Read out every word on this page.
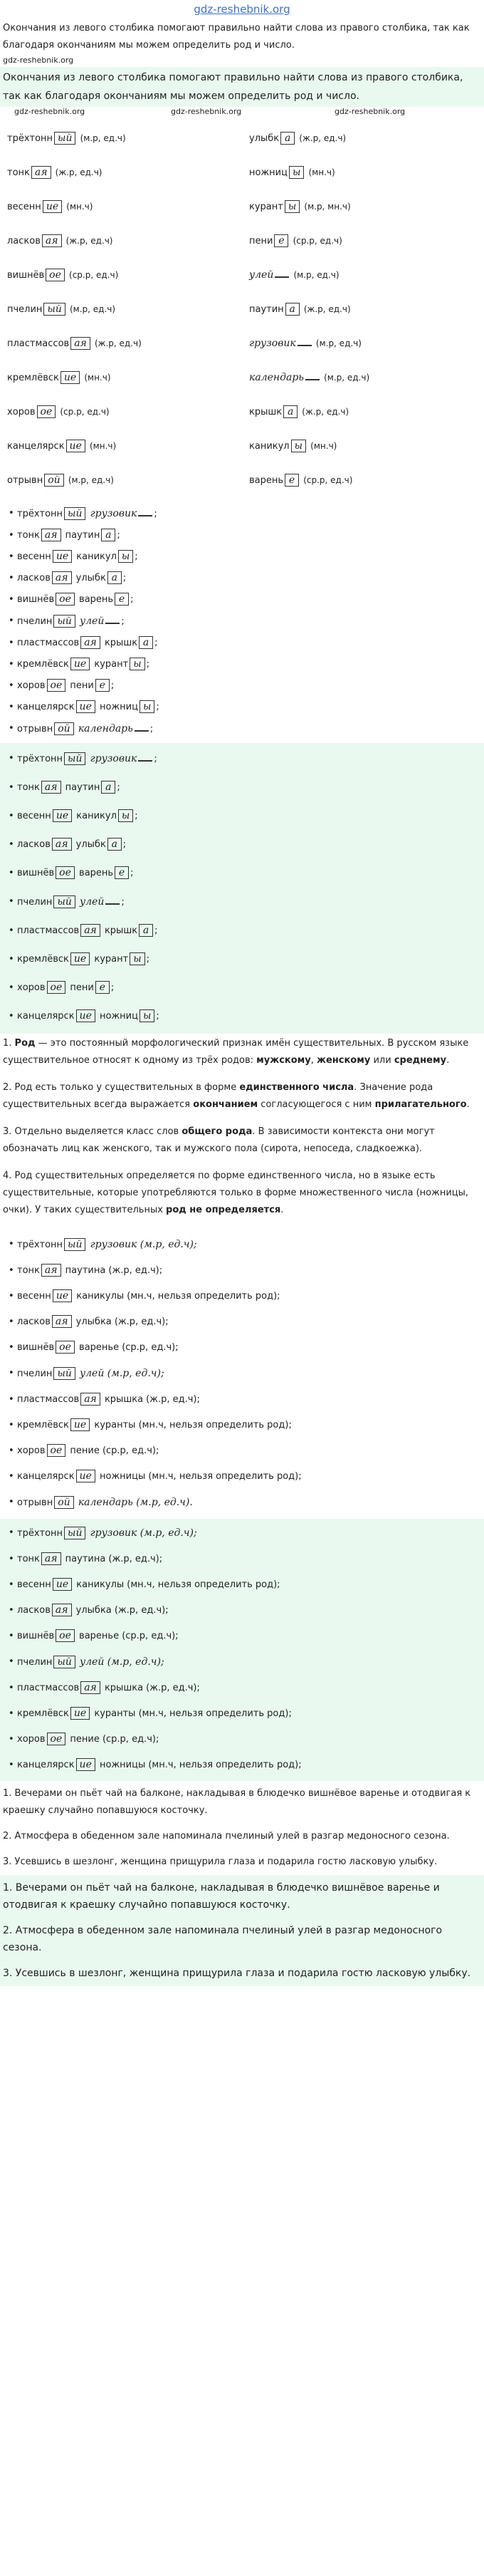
gdz-reshebnik.org

Окончания из левого столбика помогают правильно найти слова из правого столбика, так как благодаря окончаниям мы можем определить род и число.

gdz-reshebnik.org

Окончания из левого столбика помогают правильно найти слова из правого столбика, так как благодаря окончаниям мы можем определить род и число.

gdz-reshebnik.org	gdz-reshebnik.org	gdz-reshebnik.org
трёхтонн ый (м.р, ед.ч)	улыбк а (ж.р, ед.ч)
тонк ая (ж.р, ед.ч)	ножниц ы (мн.ч)
весенн ие (мн.ч)	курант ы (м.р, мн.ч)
ласков ая (ж.р, ед.ч)	пени е (ср.р, ед.ч)
вишнёв ое (ср.р, ед.ч)	улей (м.р, ед.ч)
пчелин ый (м.р, ед.ч)	паутин а (ж.р, ед.ч)
пластмассов ая (ж.р, ед.ч)	грузовик (м.р, ед.ч)
кремлёвск ие (мн.ч)	календарь (м.р, ед.ч)
хоров ое (ср.р, ед.ч)	крышк а (ж.р, ед.ч)
канцелярск ие (мн.ч)	каникул ы (мн.ч)
отрывн ой (м.р, ед.ч)	варень е (ср.р, ед.ч)
• трёхтонн ый грузовик ;
• тонк ая паутин а ;
• весенн ие каникул ы ;
• ласков ая улыбк а ;
• вишнёв ое варень е ;
• пчелин ый улей ;
• пластмассов ая крышк а ;
• кремлёвск ие курант ы ;
• хоров ое пени е ;
• канцелярск ие ножниц ы ;
• отрывн ой календарь ;
• трёхтонн ый грузовик ;
• тонк ая паутин а ;
• весенн ие каникул ы ;
• ласков ая улыбк а ;
• вишнёв ое варень е ;
• пчелин ый улей ;
• пластмассов ая крышк а ;
• кремлёвск ие курант ы ;
• хоров ое пени е ;
• канцелярск ие ножниц ы ;

1. Род — это постоянный морфологический признак имён существительных. В русском языке существительное относят к одному из трёх родов: мужскому, женскому или среднему.

2. Род есть только у существительных в форме единственного числа. Значение рода существительных всегда выражается окончанием согласующегося с ним прилагательного.

3. Отдельно выделяется класс слов общего рода. В зависимости контекста они могут обозначать лиц как женского, так и мужского пола (сирота, непоседа, сладкоежка).

4. Род существительных определяется по форме единственного числа, но в языке есть существительные, которые употребляются только в форме множественного числа (ножницы, очки). У таких существительных род не определяется.

• трёхтонн ый грузовик (м.р, ед.ч);
• тонк ая паутина (ж.р, ед.ч);
• весенн ие каникулы (мн.ч, нельзя определить род);
• ласков ая улыбка (ж.р, ед.ч);
• вишнёв ое варенье (ср.р, ед.ч);
• пчелин ый улей (м.р, ед.ч);
• пластмассов ая крышка (ж.р, ед.ч);
• кремлёвск ие куранты (мн.ч, нельзя определить род);
• хоров ое пение (ср.р, ед.ч);
• канцелярск ие ножницы (мн.ч, нельзя определить род);
• отрывн ой календарь (м.р, ед.ч).
• трёхтонн ый грузовик (м.р, ед.ч);
• тонк ая паутина (ж.р, ед.ч);
• весенн ие каникулы (мн.ч, нельзя определить род);
• ласков ая улыбка (ж.р, ед.ч);
• вишнёв ое варенье (ср.р, ед.ч);
• пчелин ый улей (м.р, ед.ч);
• пластмассов ая крышка (ж.р, ед.ч);
• кремлёвск ие куранты (мн.ч, нельзя определить род);
• хоров ое пение (ср.р, ед.ч);
• канцелярск ие ножницы (мн.ч, нельзя определить род);

1. Вечерами он пьёт чай на балконе, накладывая в блюдечко вишнёвое варенье и отодвигая к краешку случайно попавшуюся косточку.

2. Атмосфера в обеденном зале напоминала пчелиный улей в разгар медоносного сезона.

3. Усевшись в шезлонг, женщина прищурила глаза и подарила гостю ласковую улыбку.

1. Вечерами он пьёт чай на балконе, накладывая в блюдечко вишнёвое варенье и отодвигая к краешку случайно попавшуюся косточку.

2. Атмосфера в обеденном зале напоминала пчелиный улей в разгар медоносного сезона.

3. Усевшись в шезлонг, женщина прищурила глаза и подарила гостю ласковую улыбку.
